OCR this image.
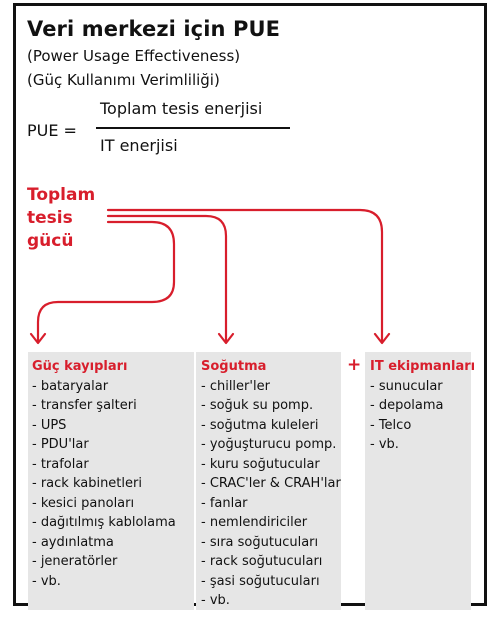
Veri merkezi için PUE
(Power Usage Effectiveness)
(Güç Kullanımı Verimliliği)
PUE =
Toplam tesis enerjisi
IT enerjisi
Toplam
tesis
gücü
Güç kayıpları
- bataryalar
- transfer şalteri
- UPS
- PDU'lar
- trafolar
- rack kabinetleri
- kesici panoları
- dağıtılmış kablolama
- aydınlatma
- jeneratörler
- vb.
Soğutma
- chiller'ler
- soğuk su pomp.
- soğutma kuleleri
- yoğuşturucu pomp.
- kuru soğutucular
- CRAC'ler & CRAH'lar
- fanlar
- nemlendiriciler
- sıra soğutucuları
- rack soğutucuları
- şasi soğutucuları
- vb.
+ IT ekipmanları
- sunucular
- depolama
- Telco
- vb.
